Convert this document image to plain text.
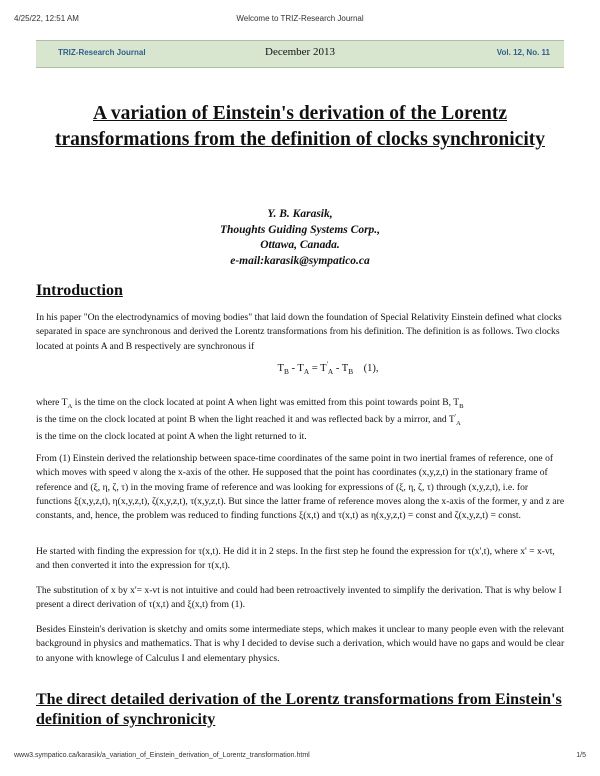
4/25/22, 12:51 AM	Welcome to TRIZ-Research Journal
TRIZ-Research Journal	December 2013	Vol. 12, No. 11
A variation of Einstein's derivation of the Lorentz transformations from the definition of clocks synchronicity
Y. B. Karasik,
Thoughts Guiding Systems Corp.,
Ottawa, Canada.
e-mail:karasik@sympatico.ca
Introduction

In his paper "On the electrodynamics of moving bodies" that laid down the foundation of Special Relativity Einstein defined what clocks separated in space are synchronous and derived the Lorentz transformations from his definition. The definition is as follows. Two clocks located at points A and B respectively are synchronous if

$T_B - T_A = T'_A - T_B$ (1),
where $T_A$ is the time on the clock located at point A when light was emitted from this point towards point B, $T_B$
is the time on the clock located at point B when the light reached it and was reflected back by a mirror, and $T'_A$
is the time on the clock located at point A when the light returned to it.

From (1) Einstein derived the relationship between space-time coordinates of the same point in two inertial frames of reference, one of which moves with speed v along the x-axis of the other. He supposed that the point has coordinates (x,y,z,t) in the stationary frame of reference and (ξ, η, ζ, τ) in the moving frame of reference and was looking for expressions of (ξ, η, ζ, τ) through (x,y,z,t), i.e. for functions ξ(x,y,z,t), η(x,y,z,t), ζ(x,y,z,t), τ(x,y,z,t). But since the latter frame of reference moves along the x-axis of the former, y and z are constants, and, hence, the problem was reduced to finding functions ξ(x,t) and τ(x,t) as η(x,y,z,t) = const and ζ(x,y,z,t) = const.

He started with finding the expression for τ(x,t). He did it in 2 steps. In the first step he found the expression for τ(x',t), where x' = x-vt, and then converted it into the expression for τ(x,t).

The substitution of x by x'= x-vt is not intuitive and could had been retroactively invented to simplify the derivation. That is why below I present a direct derivation of τ(x,t) and ξ(x,t) from (1).

Besides Einstein's derivation is sketchy and omits some intermediate steps, which makes it unclear to many people even with the relevant background in physics and mathematics. That is why I decided to devise such a derivation, which would have no gaps and would be clear to anyone with knowlege of Calculus I and elementary physics.

The direct detailed derivation of the Lorentz transformations from Einstein's definition of synchronicity
www3.sympatico.ca/karasik/a_variation_of_Einstein_derivation_of_Lorentz_transformation.html	1/5
